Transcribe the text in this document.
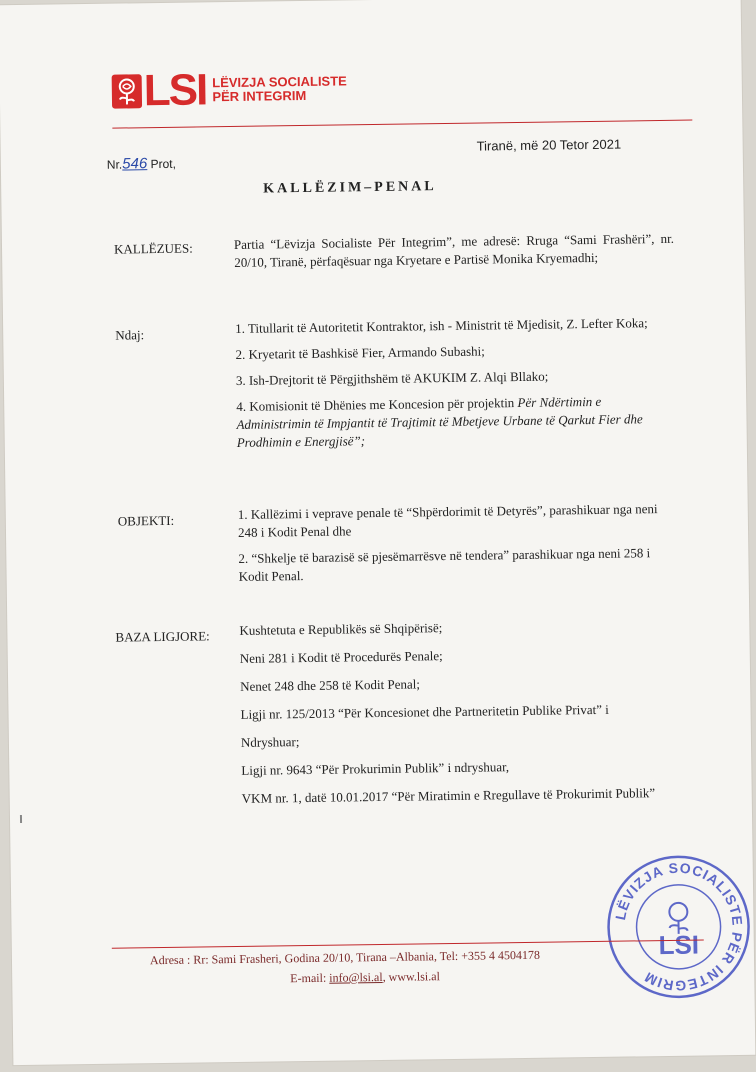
LSI LËVIZJA SOCIALISTE
PËR INTEGRIM
Tiranë, më 20 Tetor 2021
Nr.546 Prot,
KALLËZIM–PENAL
KALLËZUES:	Partia “Lëvizja Socialiste Për Integrim”, me adresë: Rruga “Sami Frashëri”, nr. 20/10, Tiranë, përfaqësuar nga Kryetare e Partisë Monika Kryemadhi;

Ndaj:	1. Titullarit të Autoritetit Kontraktor, ish - Ministrit të Mjedisit, Z. Lefter Koka;

2. Kryetarit të Bashkisë Fier, Armando Subashi;

3. Ish-Drejtorit të Përgjithshëm të AKUKIM Z. Alqi Bllako;

4. Komisionit të Dhënies me Koncesion për projektin Për Ndërtimin e Administrimin të Impjantit të Trajtimit të Mbetjeve Urbane të Qarkut Fier dhe Prodhimin e Energjisë”;

OBJEKTI:	1. Kallëzimi i veprave penale të “Shpërdorimit të Detyrës”, parashikuar nga neni 248 i Kodit Penal dhe

2. “Shkelje të barazisë së pjesëmarrësve në tendera” parashikuar nga neni 258 i Kodit Penal.

BAZA LIGJORE: Kushtetuta e Republikës së Shqipërisë;

Neni 281 i Kodit të Procedurës Penale;

Nenet 248 dhe 258 të Kodit Penal;

Ligji nr. 125/2013 “Për Koncesionet dhe Partneritetin Publike Privat” i

Ndryshuar;

Ligji nr. 9643 “Për Prokurimin Publik” i ndryshuar,

VKM nr. 1, datë 10.01.2017 “Për Miratimin e Rregullave të Prokurimit Publik”

LËVIZJA SOCIALISTE PËR INTEGRIM
LSI
Adresa : Rr: Sami Frasheri, Godina 20/10, Tirana –Albania, Tel: +355 4 4504178
E-mail: info@lsi.al, www.lsi.al
